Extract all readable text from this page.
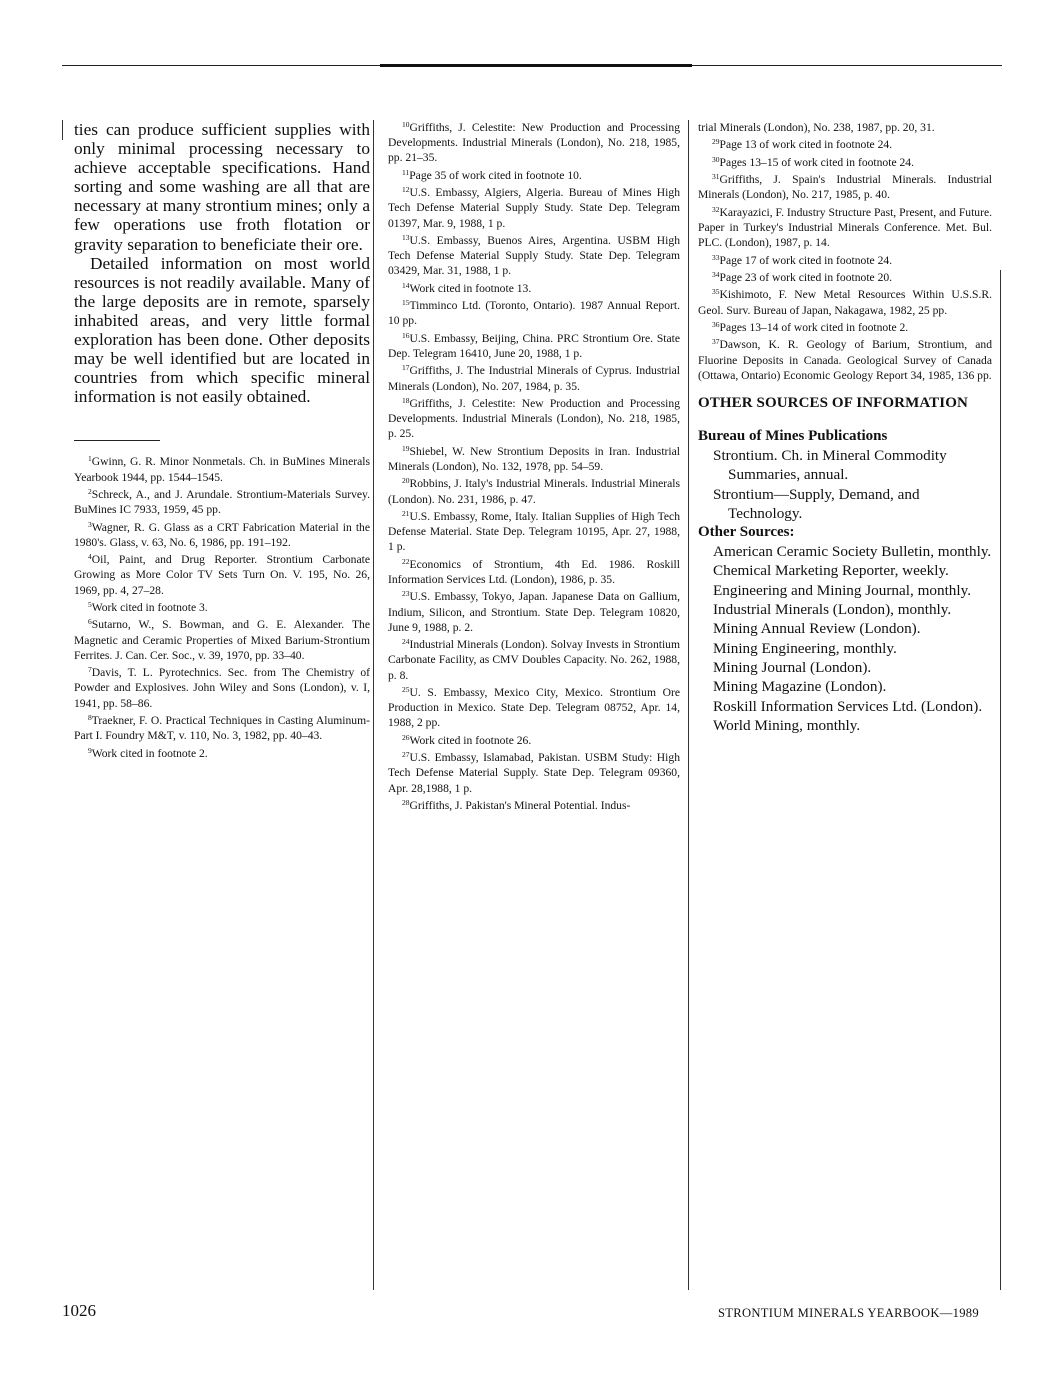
ties can produce sufficient supplies with only minimal processing necessary to achieve acceptable specifications. Hand sorting and some washing are all that are necessary at many strontium mines; only a few operations use froth flotation or gravity separation to beneficiate their ore.

Detailed information on most world resources is not readily available. Many of the large deposits are in remote, sparsely inhabited areas, and very little formal exploration has been done. Other deposits may be well identified but are located in countries from which specific mineral information is not easily obtained.

$^1$Gwinn, G. R. Minor Nonmetals. Ch. in BuMines Minerals Yearbook 1944, pp. 1544–1545.

$^2$Schreck, A., and J. Arundale. Strontium-Materials Survey. BuMines IC 7933, 1959, 45 pp.

$^3$Wagner, R. G. Glass as a CRT Fabrication Material in the 1980's. Glass, v. 63, No. 6, 1986, pp. 191–192.

$^4$Oil, Paint, and Drug Reporter. Strontium Carbonate Growing as More Color TV Sets Turn On. V. 195, No. 26, 1969, pp. 4, 27–28.

$^5$Work cited in footnote 3.

$^6$Sutarno, W., S. Bowman, and G. E. Alexander. The Magnetic and Ceramic Properties of Mixed Barium-Strontium Ferrites. J. Can. Cer. Soc., v. 39, 1970, pp. 33–40.

$^7$Davis, T. L. Pyrotechnics. Sec. from The Chemistry of Powder and Explosives. John Wiley and Sons (London), v. I, 1941, pp. 58–86.

$^8$Traekner, F. O. Practical Techniques in Casting Aluminum-Part I. Foundry M&T, v. 110, No. 3, 1982, pp. 40–43.

$^9$Work cited in footnote 2.

$^{10}$Griffiths, J. Celestite: New Production and Processing Developments. Industrial Minerals (London), No. 218, 1985, pp. 21–35.

$^{11}$Page 35 of work cited in footnote 10.

$^{12}$U.S. Embassy, Algiers, Algeria. Bureau of Mines High Tech Defense Material Supply Study. State Dep. Telegram 01397, Mar. 9, 1988, 1 p.

$^{13}$U.S. Embassy, Buenos Aires, Argentina. USBM High Tech Defense Material Supply Study. State Dep. Telegram 03429, Mar. 31, 1988, 1 p.

$^{14}$Work cited in footnote 13.

$^{15}$Timminco Ltd. (Toronto, Ontario). 1987 Annual Report. 10 pp.

$^{16}$U.S. Embassy, Beijing, China. PRC Strontium Ore. State Dep. Telegram 16410, June 20, 1988, 1 p.

$^{17}$Griffiths, J. The Industrial Minerals of Cyprus. Industrial Minerals (London), No. 207, 1984, p. 35.

$^{18}$Griffiths, J. Celestite: New Production and Processing Developments. Industrial Minerals (London), No. 218, 1985, p. 25.

$^{19}$Shiebel, W. New Strontium Deposits in Iran. Industrial Minerals (London), No. 132, 1978, pp. 54–59.

$^{20}$Robbins, J. Italy's Industrial Minerals. Industrial Minerals (London). No. 231, 1986, p. 47.

$^{21}$U.S. Embassy, Rome, Italy. Italian Supplies of High Tech Defense Material. State Dep. Telegram 10195, Apr. 27, 1988, 1 p.

$^{22}$Economics of Strontium, 4th Ed. 1986. Roskill Information Services Ltd. (London), 1986, p. 35.

$^{23}$U.S. Embassy, Tokyo, Japan. Japanese Data on Gallium, Indium, Silicon, and Strontium. State Dep. Telegram 10820, June 9, 1988, p. 2.

$^{24}$Industrial Minerals (London). Solvay Invests in Strontium Carbonate Facility, as CMV Doubles Capacity. No. 262, 1988, p. 8.

$^{25}$U. S. Embassy, Mexico City, Mexico. Strontium Ore Production in Mexico. State Dep. Telegram 08752, Apr. 14, 1988, 2 pp.

$^{26}$Work cited in footnote 26.

$^{27}$U.S. Embassy, Islamabad, Pakistan. USBM Study: High Tech Defense Material Supply. State Dep. Telegram 09360, Apr. 28,1988, 1 p.

$^{28}$Griffiths, J. Pakistan's Mineral Potential. Indus-

trial Minerals (London), No. 238, 1987, pp. 20, 31.

$^{29}$Page 13 of work cited in footnote 24.

$^{30}$Pages 13–15 of work cited in footnote 24.

$^{31}$Griffiths, J. Spain's Industrial Minerals. Industrial Minerals (London), No. 217, 1985, p. 40.

$^{32}$Karayazici, F. Industry Structure Past, Present, and Future. Paper in Turkey's Industrial Minerals Conference. Met. Bul. PLC. (London), 1987, p. 14.

$^{33}$Page 17 of work cited in footnote 24.

$^{34}$Page 23 of work cited in footnote 20.

$^{35}$Kishimoto, F. New Metal Resources Within U.S.S.R. Geol. Surv. Bureau of Japan, Nakagawa, 1982, 25 pp.

$^{36}$Pages 13–14 of work cited in footnote 2.

$^{37}$Dawson, K. R. Geology of Barium, Strontium, and Fluorine Deposits in Canada. Geological Survey of Canada (Ottawa, Ontario) Economic Geology Report 34, 1985, 136 pp.

OTHER SOURCES OF INFORMATION
Bureau of Mines Publications

Strontium. Ch. in Mineral Commodity Summaries, annual.

Strontium—Supply, Demand, and Technology.

Other Sources:

American Ceramic Society Bulletin, monthly.

Chemical Marketing Reporter, weekly.

Engineering and Mining Journal, monthly.

Industrial Minerals (London), monthly.

Mining Annual Review (London).

Mining Engineering, monthly.

Mining Journal (London).

Mining Magazine (London).

Roskill Information Services Ltd. (London).

World Mining, monthly.

1026	STRONTIUM MINERALS YEARBOOK—1989
